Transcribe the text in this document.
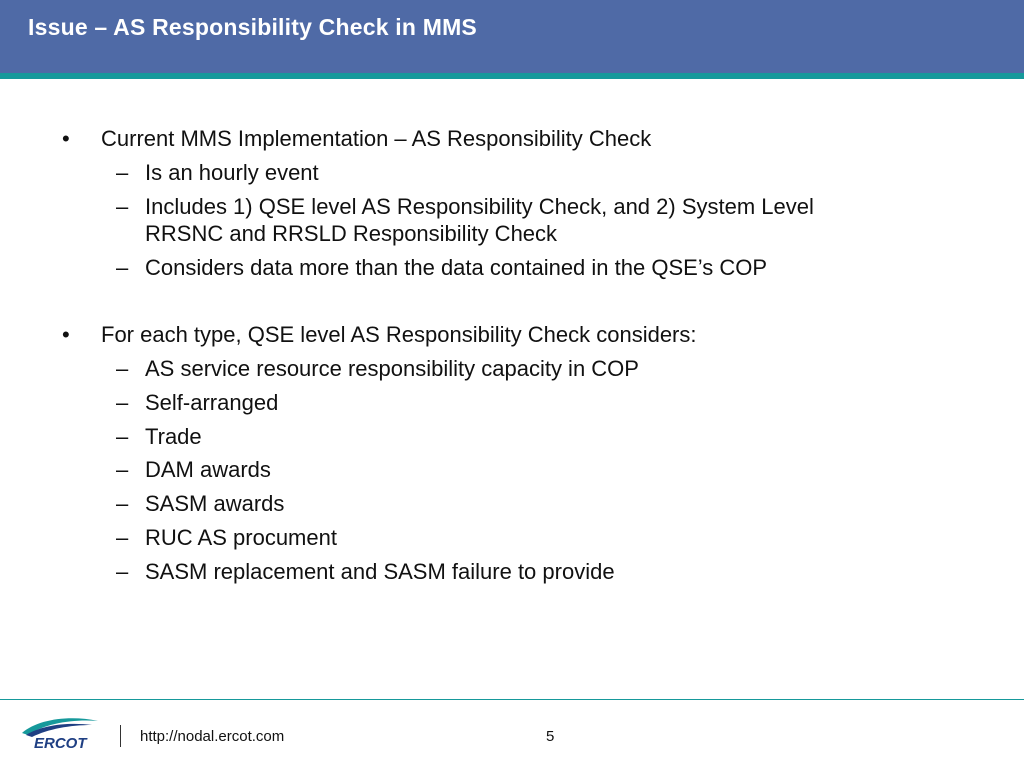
Issue – AS Responsibility Check in MMS
• Current MMS Implementation – AS Responsibility Check
– Is an hourly event
– Includes 1) QSE level AS Responsibility Check, and 2) System Level
RRSNC and RRSLD Responsibility Check
– Considers data more than the data contained in the QSE’s COP
• For each type, QSE level AS Responsibility Check considers:
– AS service resource responsibility capacity in COP
– Self-arranged
– Trade
– DAM awards
– SASM awards
– RUC AS procument
– SASM replacement and SASM failure to provide
ERCOT	http://nodal.ercot.com	5
